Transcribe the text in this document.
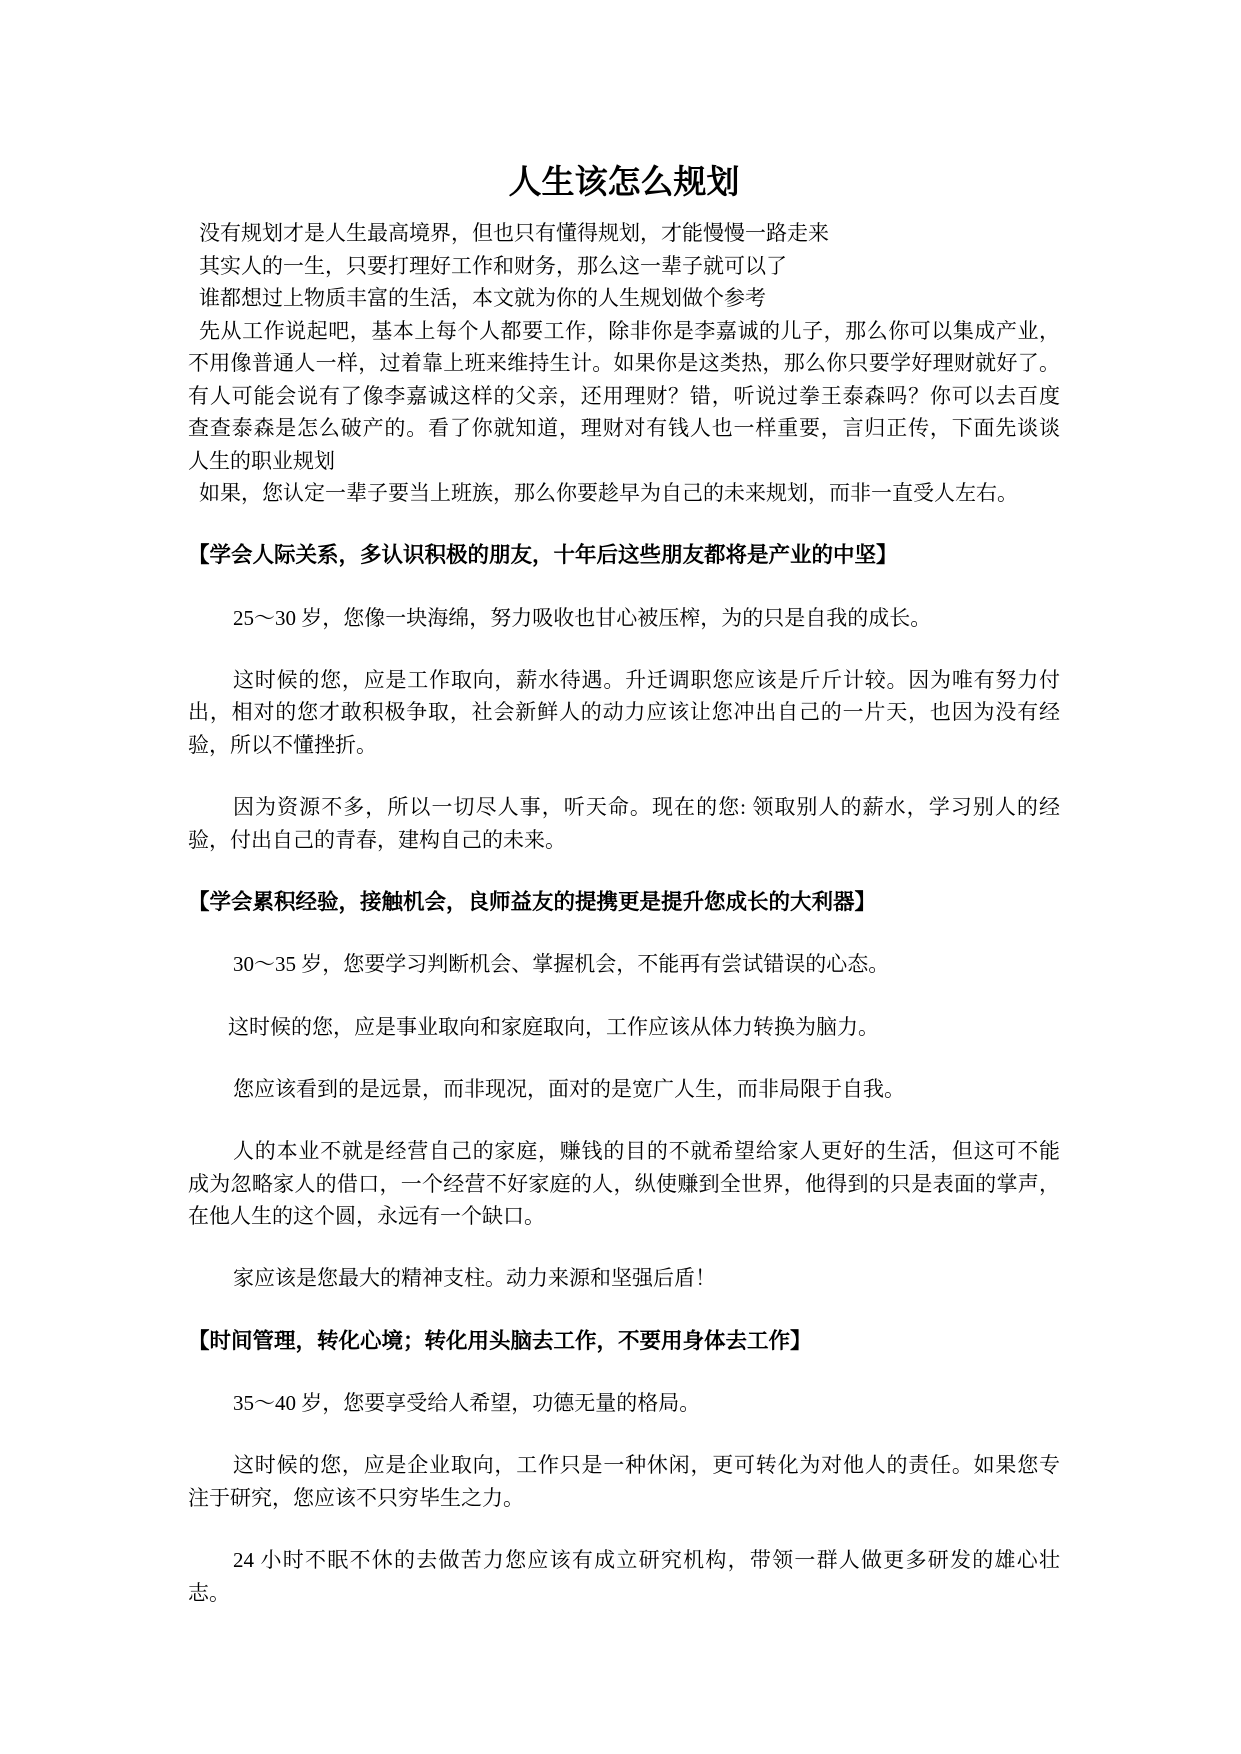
人生该怎么规划
没有规划才是人生最高境界，但也只有懂得规划，才能慢慢一路走来
其实人的一生，只要打理好工作和财务，那么这一辈子就可以了
谁都想过上物质丰富的生活，本文就为你的人生规划做个参考
先从工作说起吧，基本上每个人都要工作，除非你是李嘉诚的儿子，那么你可以集成产业，
不用像普通人一样，过着靠上班来维持生计。如果你是这类热，那么你只要学好理财就好了。
有人可能会说有了像李嘉诚这样的父亲，还用理财？错，听说过拳王泰森吗？你可以去百度
查查泰森是怎么破产的。看了你就知道，理财对有钱人也一样重要，言归正传，下面先谈谈
人生的职业规划
如果，您认定一辈子要当上班族，那么你要趁早为自己的未来规划，而非一直受人左右。
【学会人际关系，多认识积极的朋友，十年后这些朋友都将是产业的中坚】
25～30 岁，您像一块海绵，努力吸收也甘心被压榨，为的只是自我的成长。
这时候的您，应是工作取向，薪水待遇。升迁调职您应该是斤斤计较。因为唯有努力付
出，相对的您才敢积极争取，社会新鲜人的动力应该让您冲出自己的一片天，也因为没有经
验，所以不懂挫折。
因为资源不多，所以一切尽人事，听天命。现在的您: 领取别人的薪水，学习别人的经
验，付出自己的青春，建构自己的未来。
【学会累积经验，接触机会，良师益友的提携更是提升您成长的大利器】
30～35 岁，您要学习判断机会、掌握机会，不能再有尝试错误的心态。
这时候的您，应是事业取向和家庭取向，工作应该从体力转换为脑力。
您应该看到的是远景，而非现况，面对的是宽广人生，而非局限于自我。
人的本业不就是经营自己的家庭，赚钱的目的不就希望给家人更好的生活，但这可不能
成为忽略家人的借口，一个经营不好家庭的人，纵使赚到全世界，他得到的只是表面的掌声，
在他人生的这个圆，永远有一个缺口。
家应该是您最大的精神支柱。动力来源和坚强后盾！
【时间管理，转化心境；转化用头脑去工作，不要用身体去工作】
35～40 岁，您要享受给人希望，功德无量的格局。
这时候的您，应是企业取向，工作只是一种休闲，更可转化为对他人的责任。如果您专
注于研究，您应该不只穷毕生之力。
24 小时不眠不休的去做苦力您应该有成立研究机构，带领一群人做更多研发的雄心壮
志。
